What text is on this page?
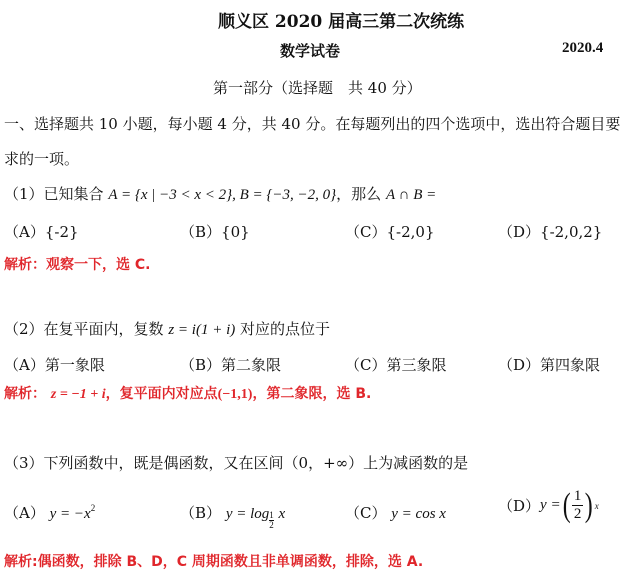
顺义区 2020 届高三第二次统练
数学试卷	2020.4
第一部分（选择题　共 40 分）
一、选择题共 10 小题，每小题 4 分，共 40 分。在每题列出的四个选项中，选出符合题目要
求的一项。
（1）已知集合 A = {x | −3 < x < 2}, B = {−3, −2, 0}，那么 A ∩ B =
（A）{-2}	（B）{0}	（C）{-2,0}	（D）{-2,0,2}
解析：观察一下，选 C.
（2）在复平面内，复数 z = i(1 + i) 对应的点位于
（A）第一象限	（B）第二象限	（C）第三象限	（D）第四象限
解析： z = −1 + i，复平面内对应点(−1,1)，第二象限，选 B.
（3）下列函数中，既是偶函数，又在区间（0，+∞）上为减函数的是
（A） $y = -x^2$	（B） $y = \log\frac{1}{2} x$	（C） y = cos x	（D） y = ( $\frac{1}{2}$ ) x
解析:偶函数，排除 B、D，C 周期函数且非单调函数，排除，选 A.
